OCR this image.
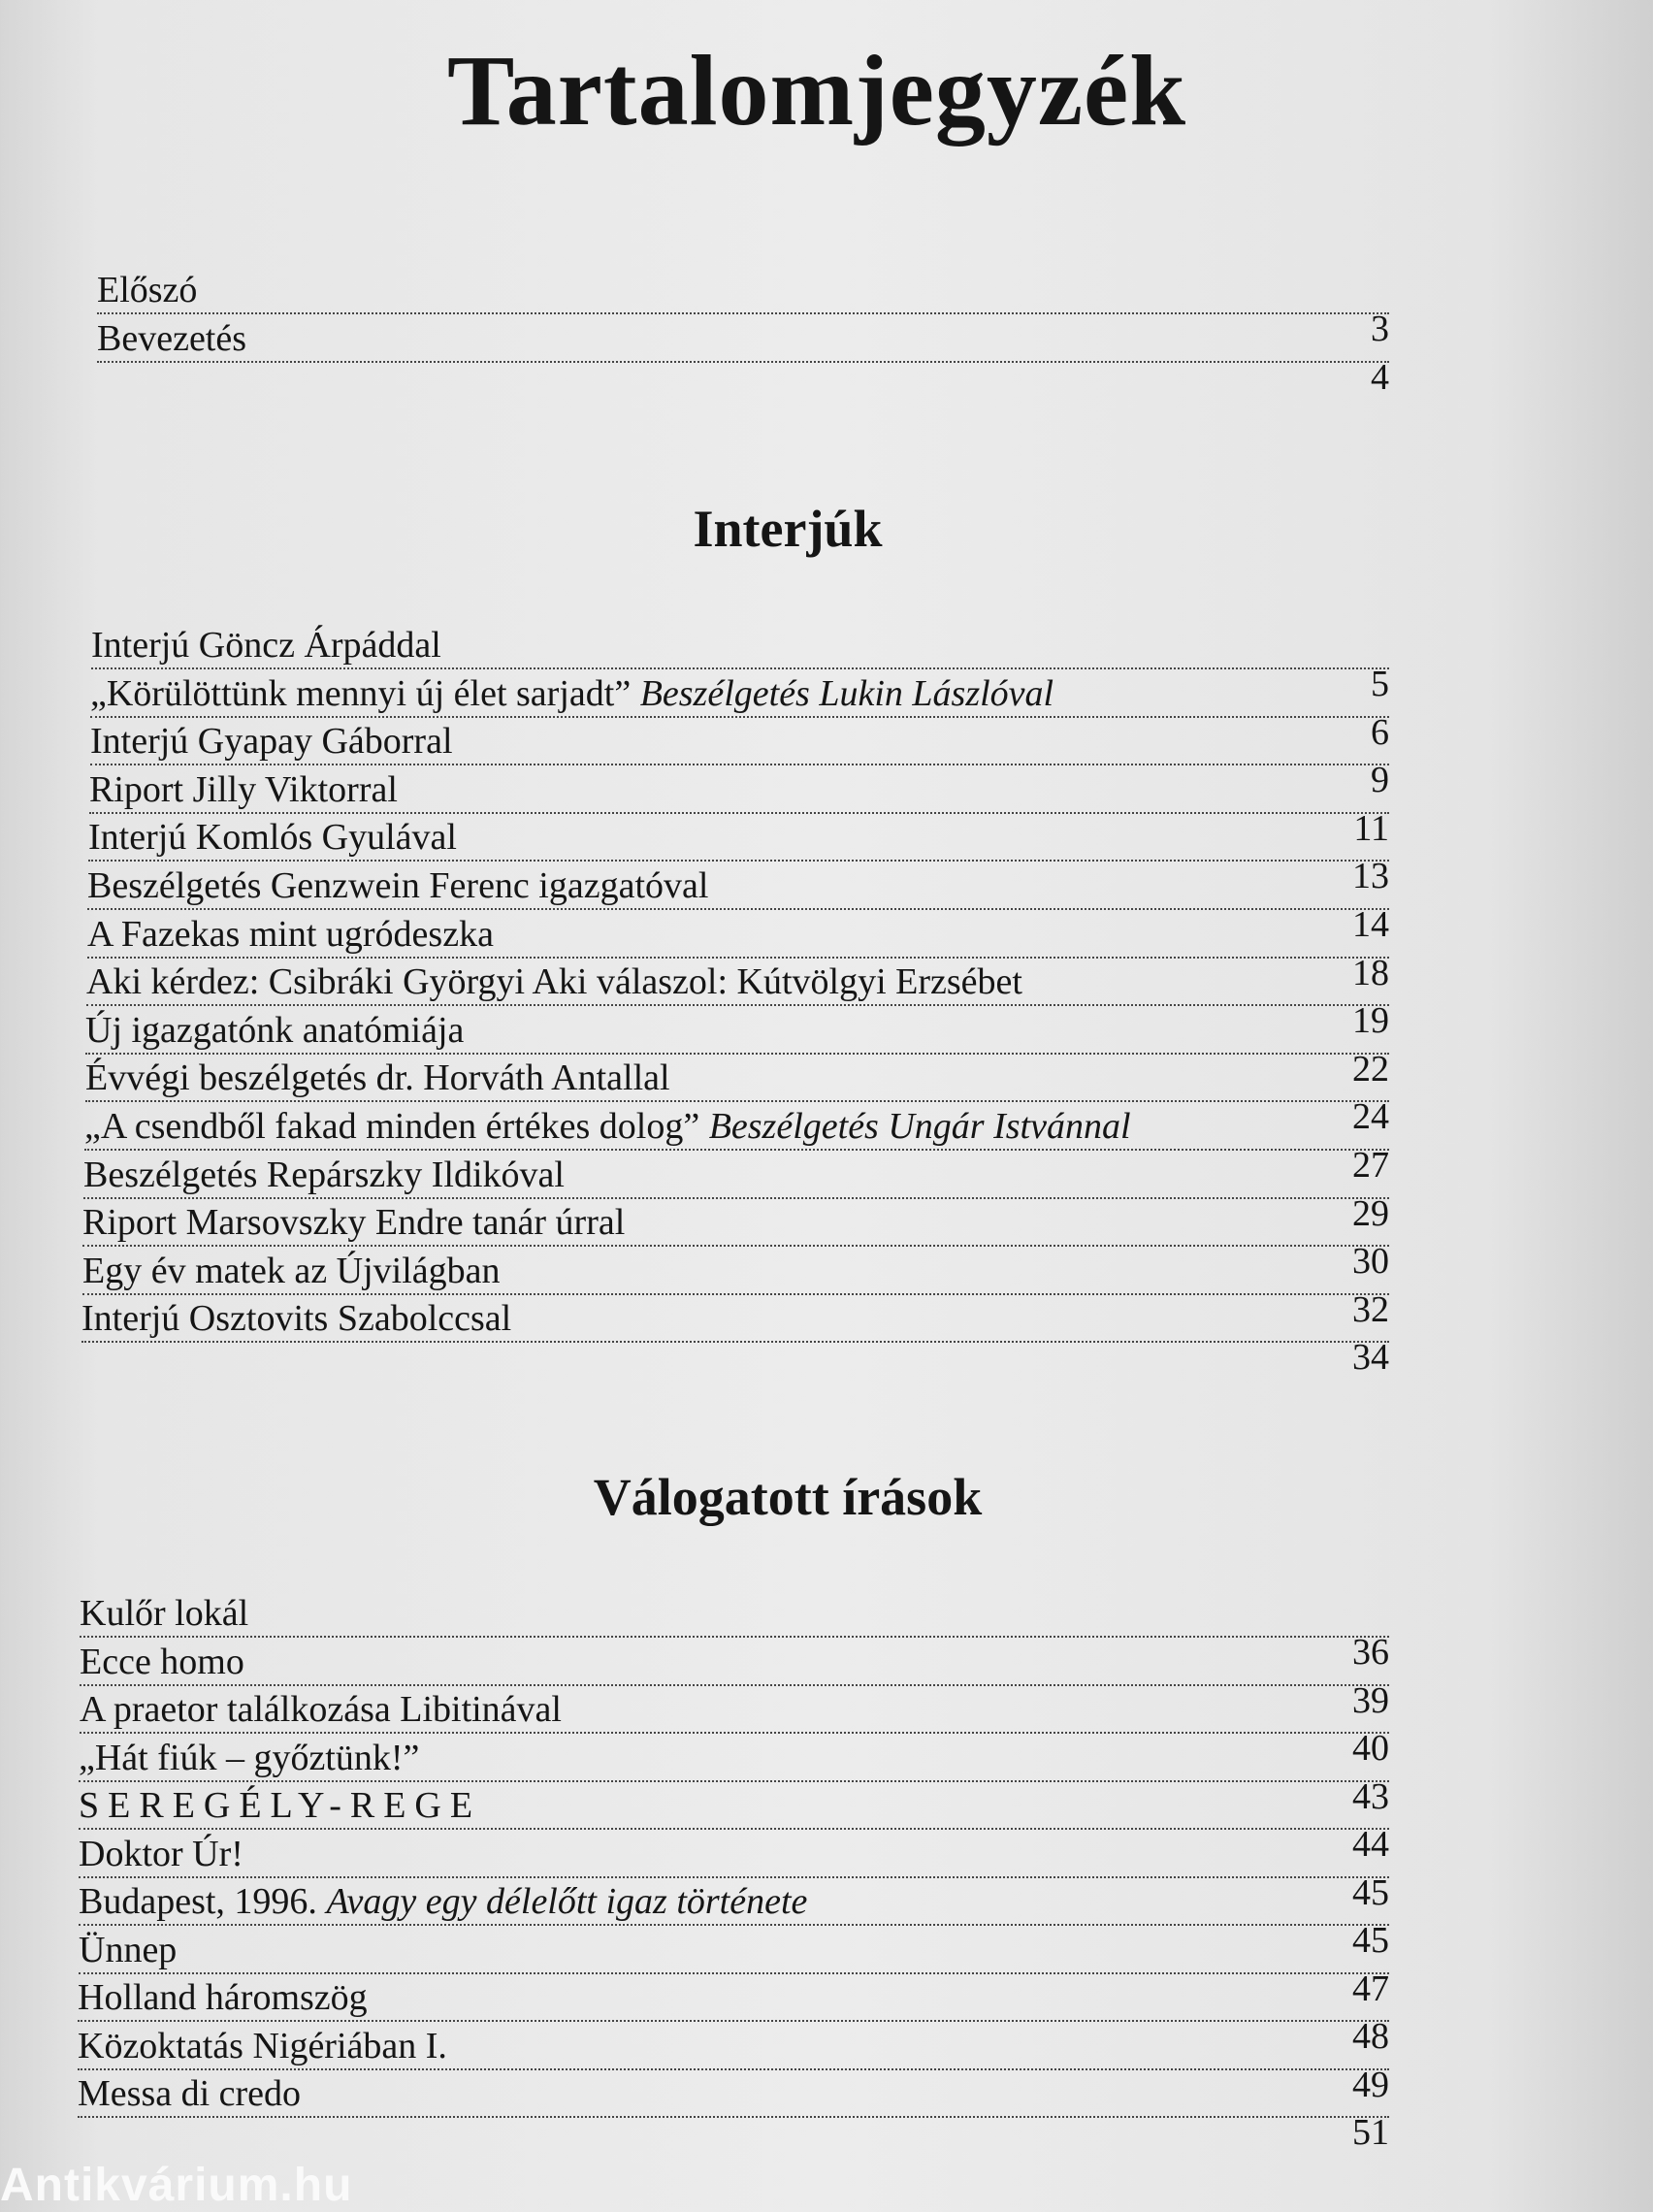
Tartalomjegyzék
Előszó
3
Bevezetés
4
Interjúk
Interjú Göncz Árpáddal
5
„Körülöttünk mennyi új élet sarjadt” Beszélgetés Lukin Lászlóval
6
Interjú Gyapay Gáborral
9
Riport Jilly Viktorral
11
Interjú Komlós Gyulával
13
Beszélgetés Genzwein Ferenc igazgatóval
14
A Fazekas mint ugródeszka
18
Aki kérdez: Csibráki Györgyi Aki válaszol: Kútvölgyi Erzsébet
19
Új igazgatónk anatómiája
22
Évvégi beszélgetés dr. Horváth Antallal
24
„A csendből fakad minden értékes dolog” Beszélgetés Ungár Istvánnal
27
Beszélgetés Repárszky Ildikóval
29
Riport Marsovszky Endre tanár úrral
30
Egy év matek az Újvilágban
32
Interjú Osztovits Szabolccsal
34
Válogatott írások
Kulőr lokál
36
Ecce homo
39
A praetor találkozása Libitinával
40
„Hát fiúk – győztünk!”
43
SEREGÉLY-REGE
44
Doktor Úr!
45
Budapest, 1996. Avagy egy délelőtt igaz története
45
Ünnep
47
Holland háromszög
48
Közoktatás Nigériában I.
49
Messa di credo
51
Antikvárium.hu
